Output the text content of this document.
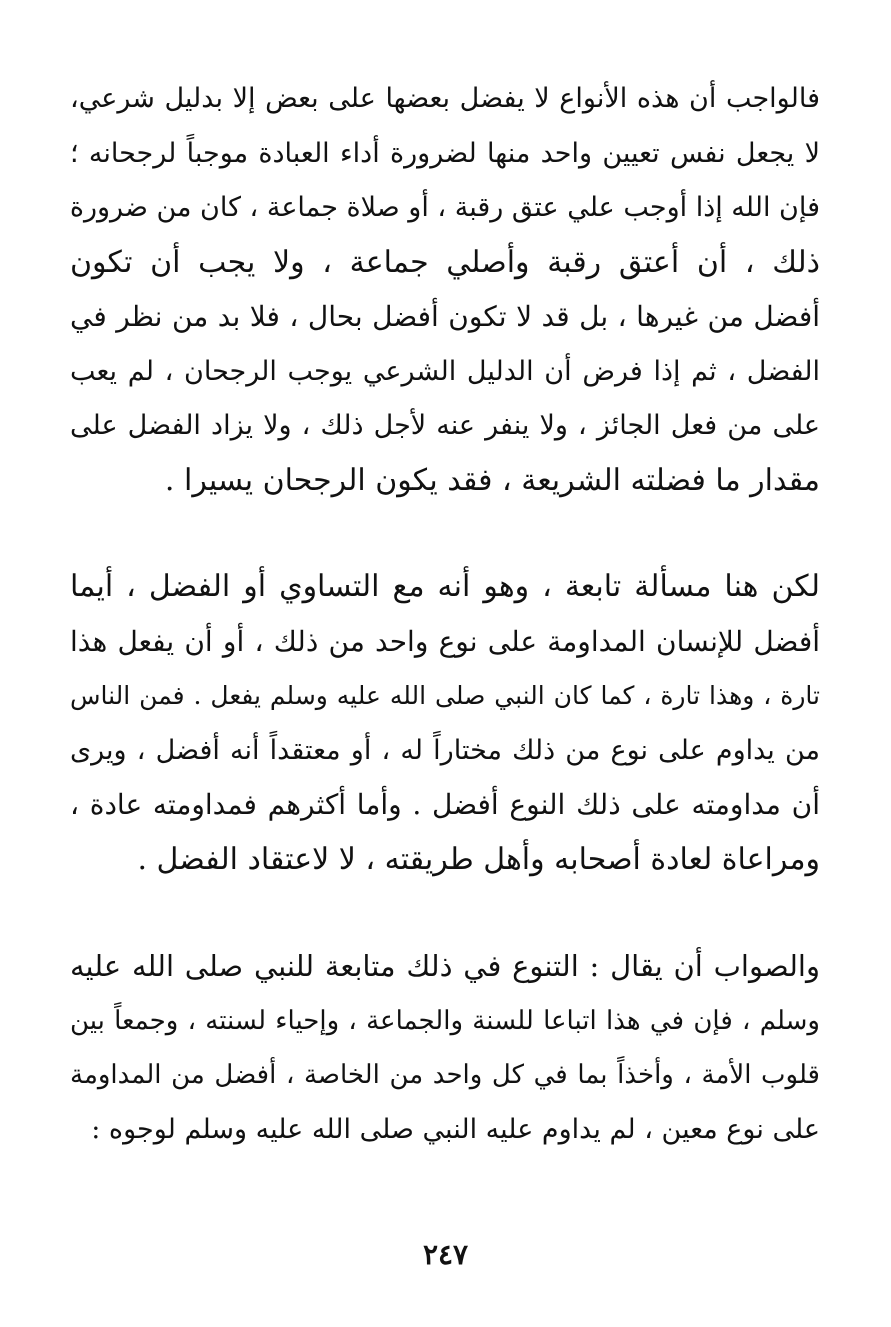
فالواجب أن هذه الأنواع لا يفضل بعضها على بعض إلا بدليل شرعي،
لا يجعل نفس تعيين واحد منها لضرورة أداء العبادة موجباً لرجحانه ؛
فإن الله إذا أوجب علي عتق رقبة ، أو صلاة جماعة ، كان من ضرورة
ذلك ، أن أعتق رقبة وأصلي جماعة ، ولا يجب أن تكون
أفضل من غيرها ، بل قد لا تكون أفضل بحال ، فلا بد من نظر في
الفضل ، ثم إذا فرض أن الدليل الشرعي يوجب الرجحان ، لم يعب
على من فعل الجائز ، ولا ينفر عنه لأجل ذلك ، ولا يزاد الفضل على
مقدار ما فضلته الشريعة ، فقد يكون الرجحان يسيرا .

لكن هنا مسألة تابعة ، وهو أنه مع التساوي أو الفضل ، أيما
أفضل للإنسان المداومة على نوع واحد من ذلك ، أو أن يفعل هذا
تارة ، وهذا تارة ، كما كان النبي صلى الله عليه وسلم يفعل . فمن الناس
من يداوم على نوع من ذلك مختاراً له ، أو معتقداً أنه أفضل ، ويرى
أن مداومته على ذلك النوع أفضل . وأما أكثرهم فمداومته عادة ،
ومراعاة لعادة أصحابه وأهل طريقته ، لا لاعتقاد الفضل .

والصواب أن يقال : التنوع في ذلك متابعة للنبي صلى الله عليه
وسلم ، فإن في هذا اتباعا للسنة والجماعة ، وإحياء لسنته ، وجمعاً بين
قلوب الأمة ، وأخذاً بما في كل واحد من الخاصة ، أفضل من المداومة
على نوع معين ، لم يداوم عليه النبي صلى الله عليه وسلم لوجوه :

٢٤٧
